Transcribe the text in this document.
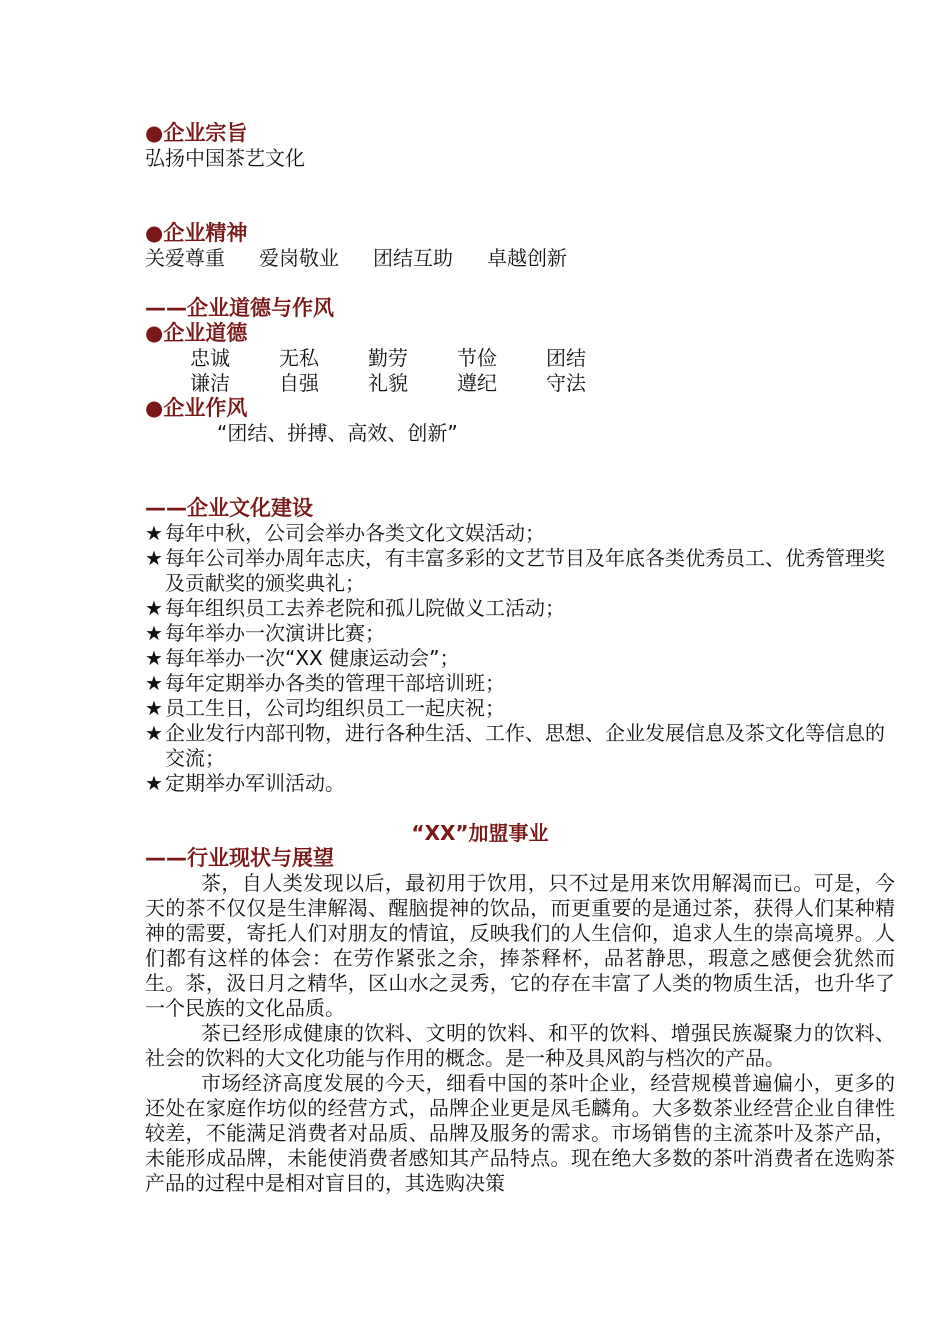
●企业宗旨
弘扬中国茶艺文化
●企业精神
关爱尊重 爱岗敬业 团结互助 卓越创新
——企业道德与作风
●企业道德
忠诚 无私 勤劳 节俭 团结
谦洁 自强 礼貌 遵纪 守法
●企业作风
“团结、拼搏、高效、创新”
——企业文化建设
★ 每年中秋，公司会举办各类文化文娱活动；
★ 每年公司举办周年志庆，有丰富多彩的文艺节目及年底各类优秀员工、优秀管理奖及贡献奖的颁奖典礼；
★ 每年组织员工去养老院和孤儿院做义工活动；
★ 每年举办一次演讲比赛；
★ 每年举办一次“XX 健康运动会”；
★ 每年定期举办各类的管理干部培训班；
★ 员工生日，公司均组织员工一起庆祝；
★ 企业发行内部刊物，进行各种生活、工作、思想、企业发展信息及茶文化等信息的交流；
★ 定期举办军训活动。
“XX”加盟事业
——行业现状与展望
茶，自人类发现以后，最初用于饮用，只不过是用来饮用解渴而已。可是，今天的茶不仅仅是生津解渴、醒脑提神的饮品，而更重要的是通过茶，获得人们某种精神的需要，寄托人们对朋友的情谊，反映我们的人生信仰，追求人生的崇高境界。人们都有这样的体会：在劳作紧张之余，捧茶释杯，品茗静思，瑕意之感便会犹然而生。茶，汲日月之精华，区山水之灵秀，它的存在丰富了人类的物质生活，也升华了一个民族的文化品质。
茶已经形成健康的饮料、文明的饮料、和平的饮料、增强民族凝聚力的饮料、社会的饮料的大文化功能与作用的概念。是一种及具风韵与档次的产品。
市场经济高度发展的今天，细看中国的茶叶企业，经营规模普遍偏小，更多的还处在家庭作坊似的经营方式，品牌企业更是凤毛麟角。大多数茶业经营企业自律性较差，不能满足消费者对品质、品牌及服务的需求。市场销售的主流茶叶及茶产品，未能形成品牌，未能使消费者感知其产品特点。现在绝大多数的茶叶消费者在选购茶产品的过程中是相对盲目的，其选购决策
